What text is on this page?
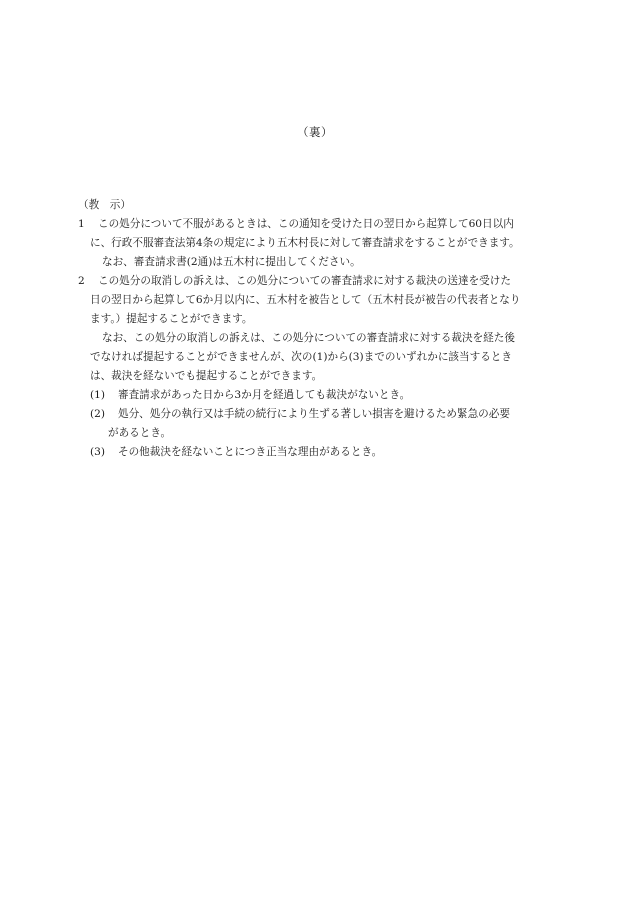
（裏）
（教　示）
1 この処分について不服があるときは、この通知を受けた日の翌日から起算して60日以内
に、行政不服審査法第4条の規定により五木村長に対して審査請求をすることができます。
なお、審査請求書(2通)は五木村に提出してください。
2 この処分の取消しの訴えは、この処分についての審査請求に対する裁決の送達を受けた
日の翌日から起算して6か月以内に、五木村を被告として（五木村長が被告の代表者となり
ます。）提起することができます。
なお、この処分の取消しの訴えは、この処分についての審査請求に対する裁決を経た後
でなければ提起することができませんが、次の(1)から(3)までのいずれかに該当するとき
は、裁決を経ないでも提起することができます。
(1) 審査請求があった日から3か月を経過しても裁決がないとき。
(2) 処分、処分の執行又は手続の続行により生ずる著しい損害を避けるため緊急の必要
があるとき。
(3) その他裁決を経ないことにつき正当な理由があるとき。
